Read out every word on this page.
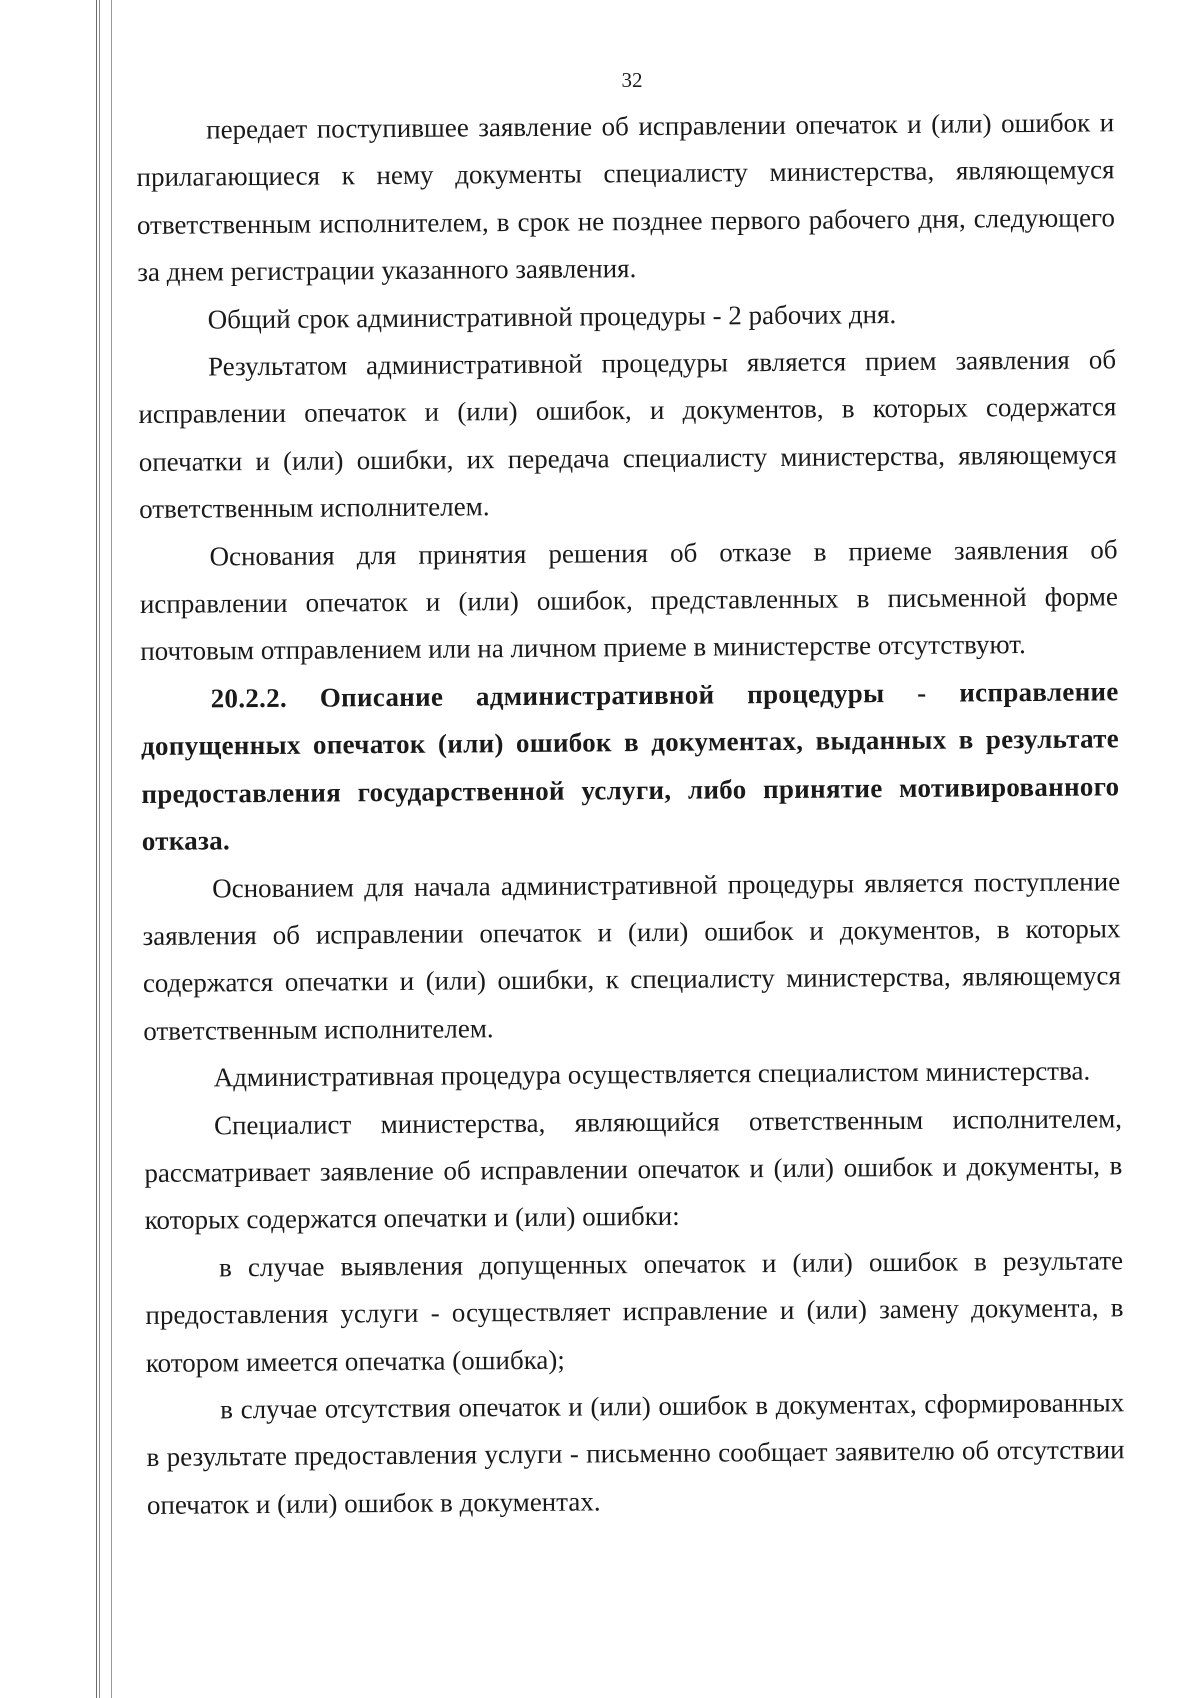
32

передает поступившее заявление об исправлении опечаток и (или) ошибок и прилагающиеся к нему документы специалисту министерства, являющемуся ответственным исполнителем, в срок не позднее первого рабочего дня, следующего за днем регистрации указанного заявления.

Общий срок административной процедуры - 2 рабочих дня.

Результатом административной процедуры является прием заявления об исправлении опечаток и (или) ошибок, и документов, в которых содержатся опечатки и (или) ошибки, их передача специалисту министерства, являющемуся ответственным исполнителем.

Основания для принятия решения об отказе в приеме заявления об исправлении опечаток и (или) ошибок, представленных в письменной форме почтовым отправлением или на личном приеме в министерстве отсутствуют.

20.2.2. Описание административной процедуры - исправление допущенных опечаток (или) ошибок в документах, выданных в результате предоставления государственной услуги, либо принятие мотивированного отказа.

Основанием для начала административной процедуры является поступление заявления об исправлении опечаток и (или) ошибок и документов, в которых содержатся опечатки и (или) ошибки, к специалисту министерства, являющемуся ответственным исполнителем.

Административная процедура осуществляется специалистом министерства.

Специалист министерства, являющийся ответственным исполнителем, рассматривает заявление об исправлении опечаток и (или) ошибок и документы, в которых содержатся опечатки и (или) ошибки:

в случае выявления допущенных опечаток и (или) ошибок в результате предоставления услуги - осуществляет исправление и (или) замену документа, в котором имеется опечатка (ошибка);

в случае отсутствия опечаток и (или) ошибок в документах, сформированных в результате предоставления услуги - письменно сообщает заявителю об отсутствии опечаток и (или) ошибок в документах.
